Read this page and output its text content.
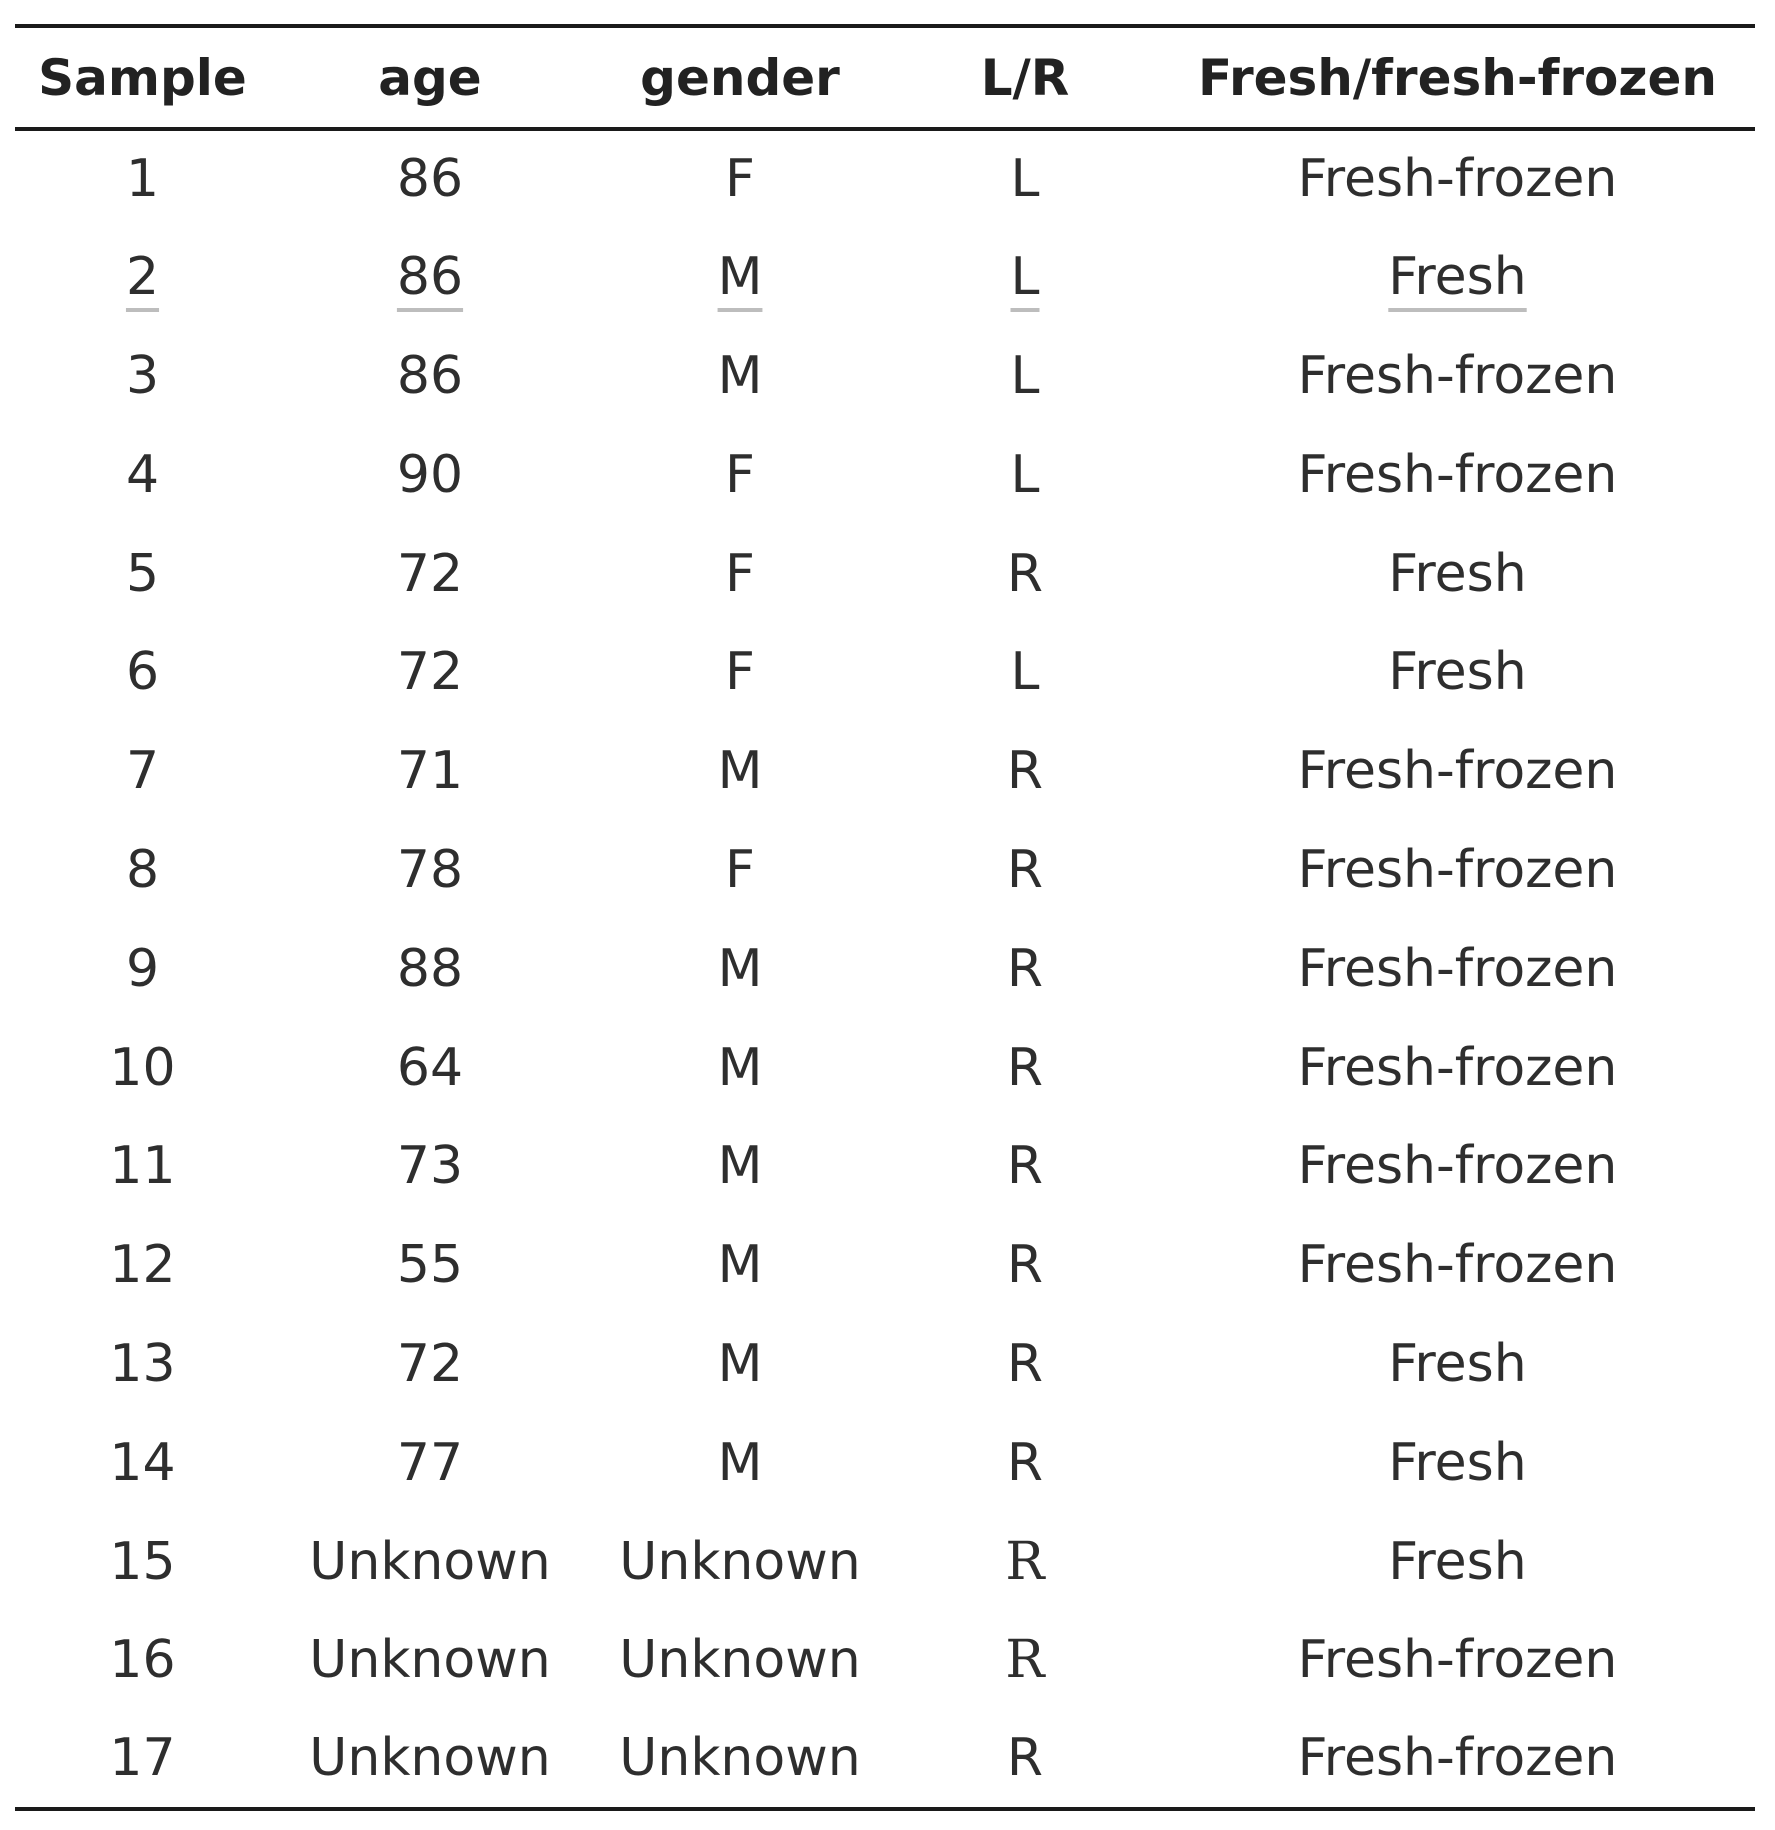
Sample	age	gender	L/R	Fresh/fresh-frozen
1	86	F	L	Fresh-frozen
2	86	M	L	Fresh
3	86	M	L	Fresh-frozen
4	90	F	L	Fresh-frozen
5	72	F	R	Fresh
6	72	F	L	Fresh
7	71	M	R	Fresh-frozen
8	78	F	R	Fresh-frozen
9	88	M	R	Fresh-frozen
10	64	M	R	Fresh-frozen
11	73	M	R	Fresh-frozen
12	55	M	R	Fresh-frozen
13	72	M	R	Fresh
14	77	M	R	Fresh
15	Unknown	Unknown	R	Fresh
16	Unknown	Unknown	R	Fresh-frozen
17	Unknown	Unknown	R	Fresh-frozen
